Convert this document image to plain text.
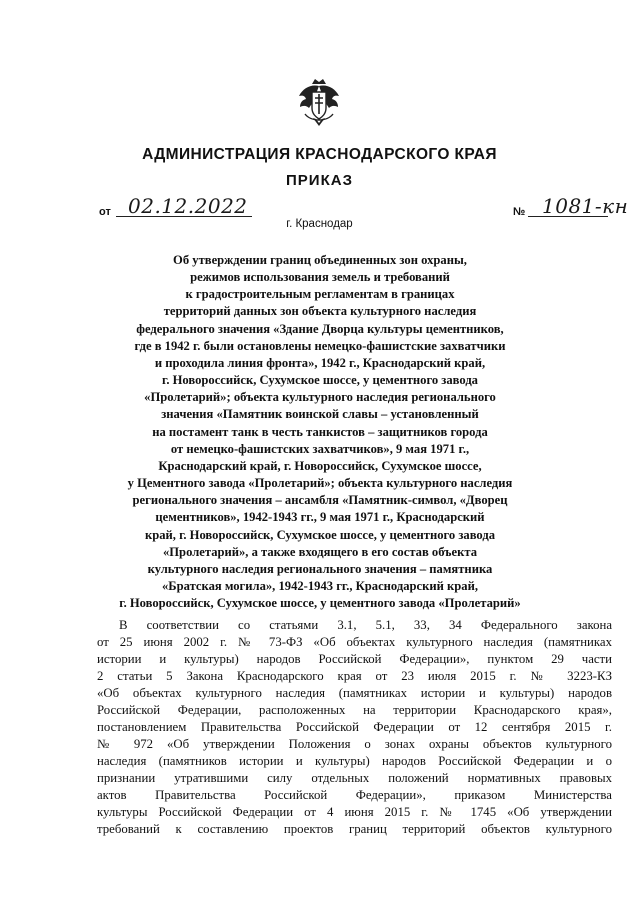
АДМИНИСТРАЦИЯ КРАСНОДАРСКОГО КРАЯ
ПРИКАЗ
от 02.12.2022	№ 1081-кн
г. Краснодар
Об утверждении границ объединенных зон охраны,
режимов использования земель и требований
к градостроительным регламентам в границах
территорий данных зон объекта культурного наследия
федерального значения «Здание Дворца культуры цементников,
где в 1942 г. были остановлены немецко-фашистские захватчики
и проходила линия фронта», 1942 г., Краснодарский край,
г. Новороссийск, Сухумское шоссе, у цементного завода
«Пролетарий»; объекта культурного наследия регионального
значения «Памятник воинской славы – установленный
на постамент танк в честь танкистов – защитников города
от немецко-фашистских захватчиков», 9 мая 1971 г.,
Краснодарский край, г. Новороссийск, Сухумское шоссе,
у Цементного завода «Пролетарий»; объекта культурного наследия
регионального значения – ансамбля «Памятник-символ, «Дворец
цементников», 1942-1943 гг., 9 мая 1971 г., Краснодарский
край, г. Новороссийск, Сухумское шоссе, у цементного завода
«Пролетарий», а также входящего в его состав объекта
культурного наследия регионального значения – памятника
«Братская могила», 1942-1943 гг., Краснодарский край,
г. Новороссийск, Сухумское шоссе, у цементного завода «Пролетарий»
В соответствии со статьями 3.1, 5.1, 33, 34 Федерального закона
от 25 июня 2002 г. № 73-ФЗ «Об объектах культурного наследия (памятниках
истории и культуры) народов Российской Федерации», пунктом 29 части
2 статьи 5 Закона Краснодарского края от 23 июля 2015 г. № 3223-КЗ
«Об объектах культурного наследия (памятниках истории и культуры) народов
Российской Федерации, расположенных на территории Краснодарского края»,
постановлением Правительства Российской Федерации от 12 сентября 2015 г.
№ 972 «Об утверждении Положения о зонах охраны объектов культурного
наследия (памятников истории и культуры) народов Российской Федерации и о
признании утратившими силу отдельных положений нормативных правовых
актов Правительства Российской Федерации», приказом Министерства
культуры Российской Федерации от 4 июня 2015 г. № 1745 «Об утверждении
требований к составлению проектов границ территорий объектов культурного
